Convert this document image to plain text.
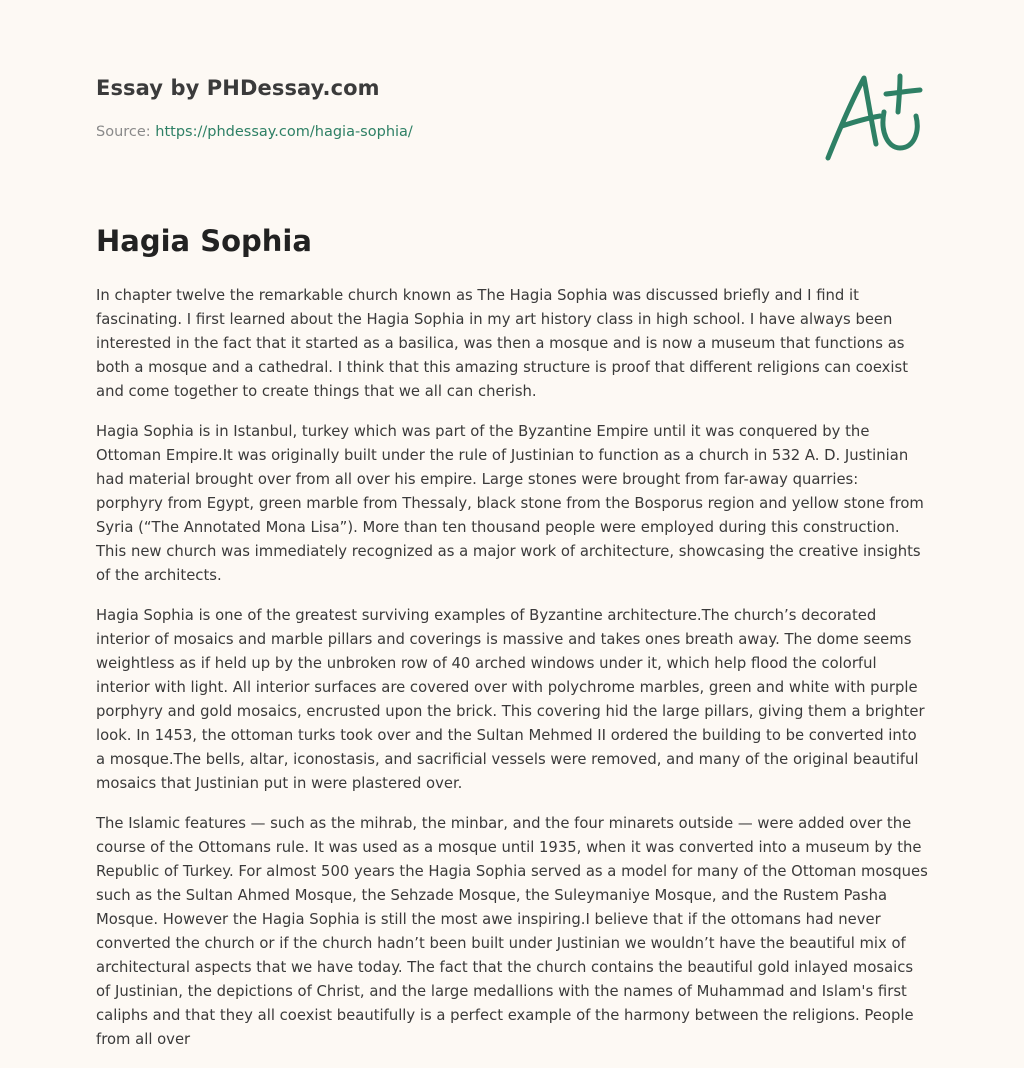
Essay by PHDessay.com
Source: https://phdessay.com/hagia-sophia/
Hagia Sophia

In chapter twelve the remarkable church known as The Hagia Sophia was discussed briefly and I find it fascinating. I first learned about the Hagia Sophia in my art history class in high school. I have always been interested in the fact that it started as a basilica, was then a mosque and is now a museum that functions as both a mosque and a cathedral. I think that this amazing structure is proof that different religions can coexist and come together to create things that we all can cherish.

Hagia Sophia is in Istanbul, turkey which was part of the Byzantine Empire until it was conquered by the Ottoman Empire.It was originally built under the rule of Justinian to function as a church in 532 A. D. Justinian had material brought over from all over his empire. Large stones were brought from far-away quarries: porphyry from Egypt, green marble from Thessaly, black stone from the Bosporus region and yellow stone from Syria (“The Annotated Mona Lisa”). More than ten thousand people were employed during this construction. This new church was immediately recognized as a major work of architecture, showcasing the creative insights of the architects.

Hagia Sophia is one of the greatest surviving examples of Byzantine architecture.The church’s decorated interior of mosaics and marble pillars and coverings is massive and takes ones breath away. The dome seems weightless as if held up by the unbroken row of 40 arched windows under it, which help flood the colorful interior with light. All interior surfaces are covered over with polychrome marbles, green and white with purple porphyry and gold mosaics, encrusted upon the brick. This covering hid the large pillars, giving them a brighter look. In 1453, the ottoman turks took over and the Sultan Mehmed II ordered the building to be converted into a mosque.The bells, altar, iconostasis, and sacrificial vessels were removed, and many of the original beautiful mosaics that Justinian put in were plastered over.

The Islamic features — such as the mihrab, the minbar, and the four minarets outside — were added over the course of the Ottomans rule. It was used as a mosque until 1935, when it was converted into a museum by the Republic of Turkey. For almost 500 years the Hagia Sophia served as a model for many of the Ottoman mosques such as the Sultan Ahmed Mosque, the Sehzade Mosque, the Suleymaniye Mosque, and the Rustem Pasha Mosque. However the Hagia Sophia is still the most awe inspiring.I believe that if the ottomans had never converted the church or if the church hadn’t been built under Justinian we wouldn’t have the beautiful mix of architectural aspects that we have today. The fact that the church contains the beautiful gold inlayed mosaics of Justinian, the depictions of Christ, and the large medallions with the names of Muhammad and Islam's first caliphs and that they all coexist beautifully is a perfect example of the harmony between the religions. People from all over
